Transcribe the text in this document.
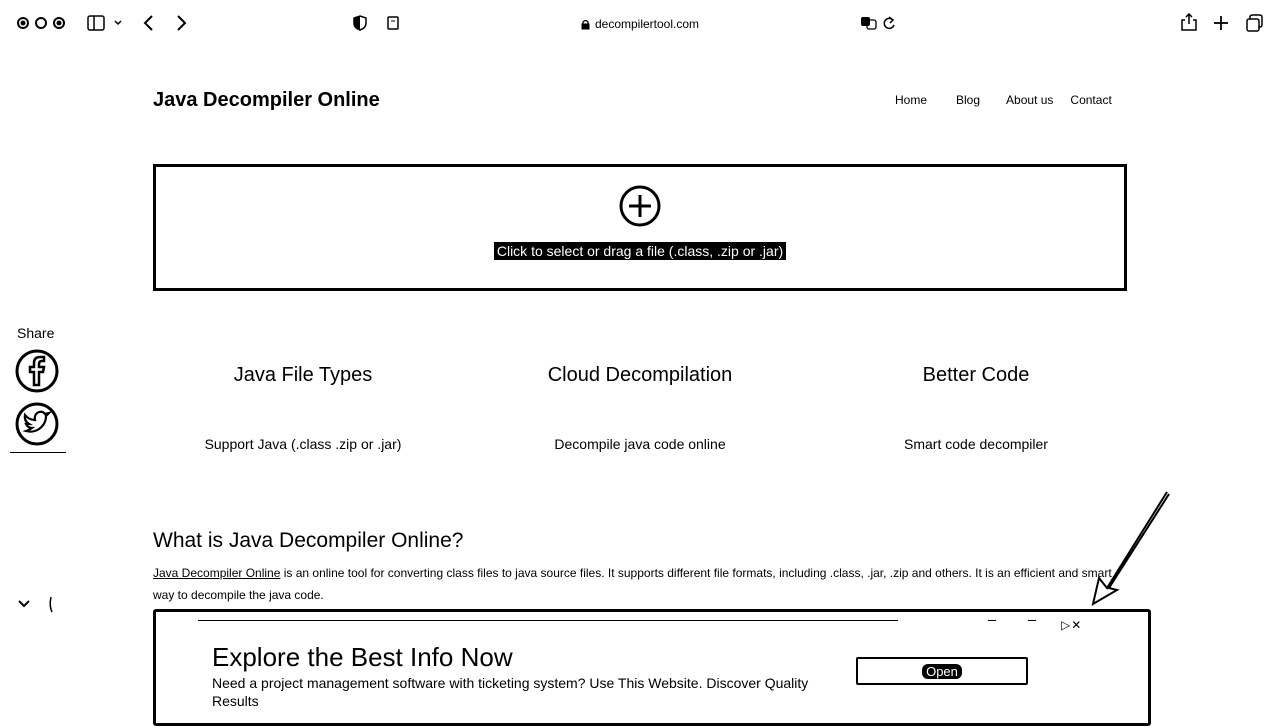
decompilertool.com
Java Decompiler Online	Home Blog About us Contact
Click to select or drag a file (.class, .zip or .jar)
Share
Java File Types

Support Java (.class .zip or .jar)

Cloud Decompilation

Decompile java code online

Better Code

Smart code decompiler

What is Java Decompiler Online?

Java Decompiler Online is an online tool for converting class files to java source files. It supports different file formats, including .class, .jar, .zip and others. It is an efficient and smart way to decompile the java code.

▷✕
Explore the Best Info Now
Need a project management software with ticketing system? Use This Website. Discover Quality Results
Open
